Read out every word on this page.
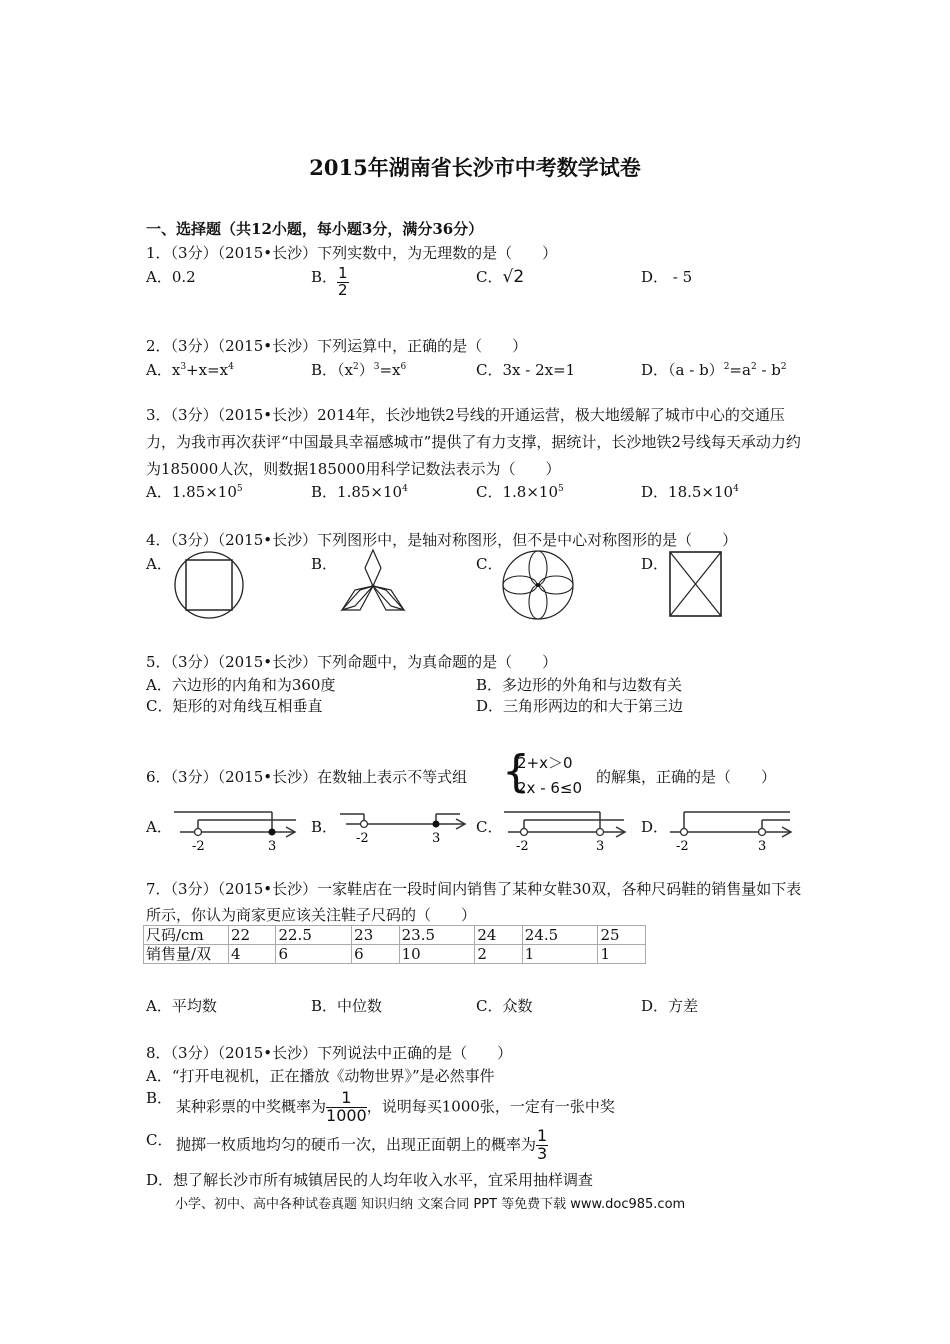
2015年湖南省长沙市中考数学试卷
一、选择题（共12小题，每小题3分，满分36分）
1．（3分）（2015•长沙）下列实数中，为无理数的是（　　）
A．0.2	B． $\frac{1}{2}$	C．√2	D． - 5
2．（3分）（2015•长沙）下列运算中，正确的是（　　）
A．$x^3+x=x^4$	B．$(x^2)^3=x^6$	C．3x - 2x=1	D．$(a - b)^2=a^2 - b^2$
3．（3分）（2015•长沙）2014年，长沙地铁2号线的开通运营，极大地缓解了城市中心的交通压力，为我市再次获评“中国最具幸福感城市”提供了有力支撑，据统计，长沙地铁2号线每天承动力约为185000人次，则数据185000用科学记数法表示为（　　）
A．$1.85\times 10^5$	B．$1.85\times 10^4$	C．$1.8\times 10^5$	D．$18.5\times 10^4$
4．（3分）（2015•长沙）下列图形中，是轴对称图形，但不是中心对称图形的是（　　）
A．	B．	C．	D．
5．（3分）（2015•长沙）下列命题中，为真命题的是（　　）
A．六边形的内角和为360度	B．多边形的外角和与边数有关
C．矩形的对角线互相垂直	D．三角形两边的和大于第三边
6．（3分）（2015•长沙）在数轴上表示不等式组 {
2+x＞0
2x - 6≤0
的解集，正确的是（　　）
A．
-2	3
B．
-2	3
C．
-2	3
D．
-2	3
7．（3分）（2015•长沙）一家鞋店在一段时间内销售了某种女鞋30双，各种尺码鞋的销售量如下表所示，你认为商家更应该关注鞋子尺码的（　　）
尺码/cm	22	22.5	23	23.5	24	24.5	25
销售量/双	4	6	6	10	2	1	1
A．平均数	B．中位数	C．众数	D．方差
8．（3分）（2015•长沙）下列说法中正确的是（　　）
A．“打开电视机，正在播放《动物世界》”是必然事件
B． 某种彩票的中奖概率为 $\frac{1}{1000}$ ，说明每买1000张，一定有一张中奖
C． 抛掷一枚质地均匀的硬币一次，出现正面朝上的概率为 $\frac{1}{3}$
D．想了解长沙市所有城镇居民的人均年收入水平，宜采用抽样调查
小学、初中、高中各种试卷真题 知识归纳 文案合同 PPT 等免费下载 www.doc985.com
